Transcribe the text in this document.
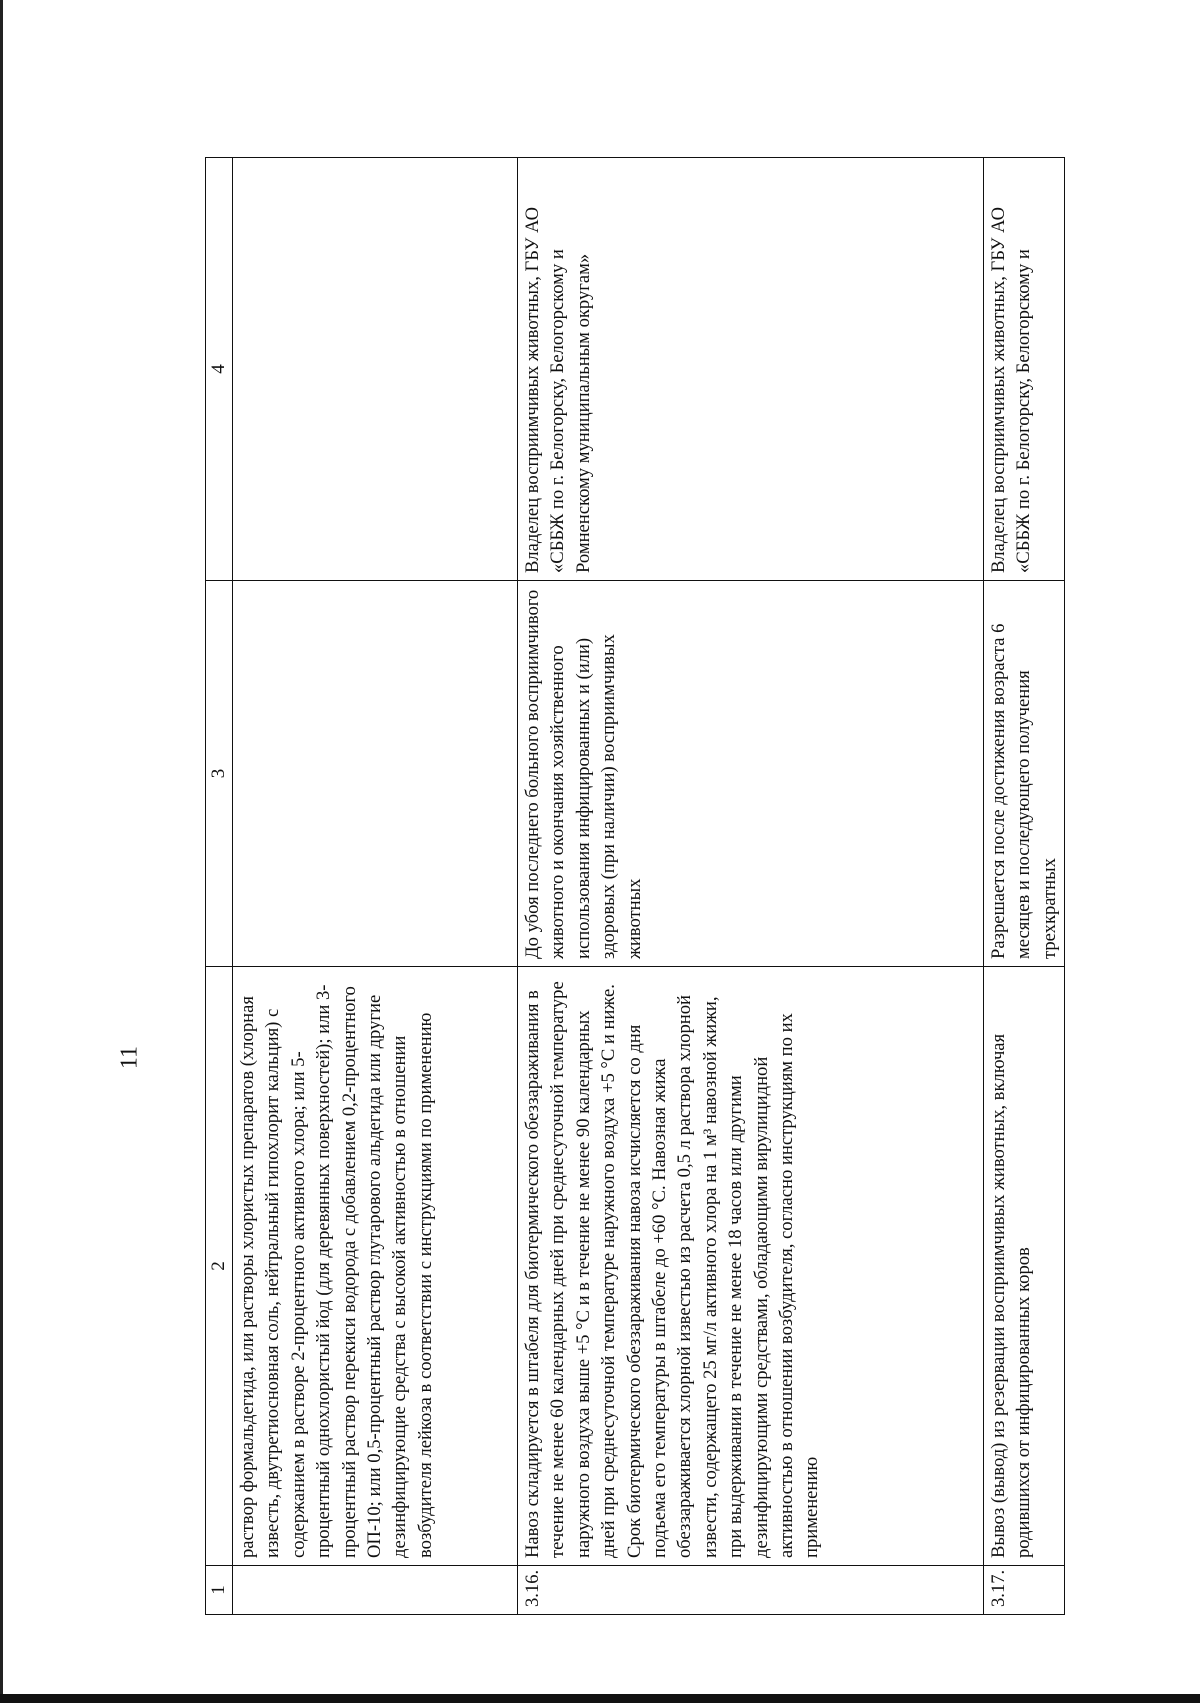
11
1	2	3	4

	раствор формальдегида, или растворы хлористых препаратов (хлорная известь, двутретиосновная соль, нейтральный гипохлорит кальция) с содержанием в растворе 2-процентного активного хлора; или 5-процентный однохлористый йод (для деревянных поверхностей); или 3-процентный раствор перекиси водорода с добавлением 0,2-процентного ОП-10; или 0,5-процентный раствор глутарового альдегида или другие дезинфицирующие средства с высокой активностью в отношении возбудителя лейкоза в соответствии с инструкциями по применению		

3.16.	Навоз складируется в штабеля для биотермического обеззараживания в течение не менее 60 календарных дней при среднесуточной температуре наружного воздуха выше +5 °С и в течение не менее 90 календарных дней при среднесуточной температуре наружного воздуха +5 °С и ниже. Срок биотермического обеззараживания навоза исчисляется со дня подъема его температуры в штабеле до +60 °С. Навозная жижа обеззараживается хлорной известью из расчета 0,5 л раствора хлорной извести, содержащего 25 мг/л активного хлора на 1 м³ навозной жижи, при выдерживании в течение не менее 18 часов или другими дезинфицирующими средствами, обладающими вирулицидной активностью в отношении возбудителя, согласно инструкциям по их применению	До убоя последнего больного восприимчивого животного и окончания хозяйственного использования инфицированных и (или) здоровых (при наличии) восприимчивых животных	Владелец восприимчивых животных, ГБУ АО «СББЖ по г. Белогорску, Белогорскому и Ромненскому муниципальным округам»

3.17.	Вывоз (вывод) из резервации восприимчивых животных, включая родившихся от инфицированных коров	Разрешается после достижения возраста 6 месяцев и последующего получения трехкратных	Владелец восприимчивых животных, ГБУ АО «СББЖ по г. Белогорску, Белогорскому и
